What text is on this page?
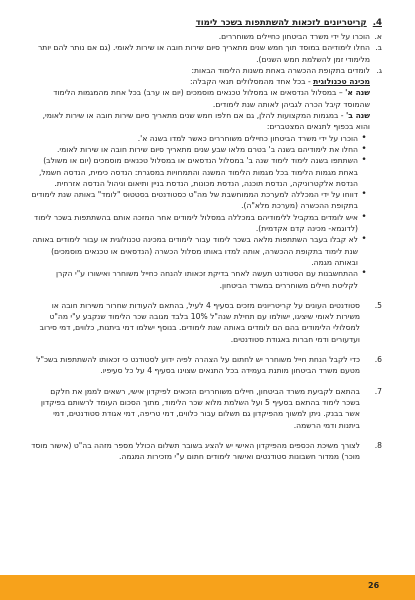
4.
קריטריונים לזכאות להשתתפות בשכר לימוד
א.
הוכרו על ידי משרד הביטחון כחיילים משוחררים.
ב.
החלו לימודיהם במוסד תוך חמש שנים מתאריך סיום שירות חובה או שירות לאומי. (גם אם נותר להם יותר מלימודי זמן להשלמת חמש השנים).
ג.
לומדים בתקופת ההכשרה באחת משנות הלימוד הבאות:

מכינה טכנולוגית - בכל אחד מהמסלולים תנאי הקבלה:

שנה א' – במסלול הנדסאים או במסלול טכנאים מוסמכים (יום או ערב) בכל אחת מהמגמות הלימוד שהמוסד קיבל הכרה לגביהן לאותה שנת לימודים.

שנה ב' - במגמות המקצועות להלן, גם אם חלפו חמש שנים מתאריך סיום שירות חובה או שירות לאומי, והוא בכפוף לתנאים המצטברים:

•
הוכרו על ידי משרד הביטחון כחיילים משוחררים כאשר למדו בשנה א'.
•
החלו את לימודיהם בשנה ב' בטרם מלאו שבע שנים מתאריך סיום שירות חובה או שירות לאומי.
•
השתתפו בשנה לימוד לימוד שנה ב' במסלול הנדסאים או במסלול טכנאים מוסמכים (יום או משולב) באחת מגמות הלימוד בכל מגמות הלימוד המשנה והתמחויות במסגרת: הנדסה כימית, הנדסה חשמל, הנדסת אלקטרוניקה, הנדסת תוכנה, הנדסת מכונות, הנדסת בניין ותיאום וניהול הנדסה אזרחית.
•
דווחו על ידי המכללה למערכת הממוחשבת של מה"ט כסטודנטים בסטטוס "לומד" באותה שנת לימודים בתקופת ההכשרה (מערכת מלא"ה).
•
איש לומדים במקביל ללימודיהם במכללה במסלול לימודים אחר המזכה אותם בהשתתפות בשכר לימוד (לדוגמא- מכינה קדם אקדמית).
•
לא קבלו בעבר השתתפות מלאה בשכר לימוד עבור לימודים במכינה טכנולוגית או עבור לימודים באותה שנת לימוד בתקופת ההכשרה, אותה למדו באותו מסלול הכשרה (הנדסאים או טכנאים מוסמכים) ובאותה מגמה.
•
ההתחשבנות עם הסטודנט תעשה לאחר בדיקת זכאותו להנחה כחייל משוחרר ואישורו ע"י הקרן לקליטת חיילים משוחררים במשרד הביטחון.
5.
סטודנטים העונים על קריטריונים מזכים בסעיף 4 לעיל, בהתאם להעודות שחרור משירות חובה או משירות לאומי שיציגו, ישולמו עם תחילת שנה"ל 10% בלבד מגובה שכר הלימוד שנקבע ע"י מה"ט למסלולי הלימודים בהם הם לומדים באותה שנת לימודים. בנוסף ישלמו דמי ביתנות, כלווים, דמי סירוב ועדעורים ודמי חברות באגודת סטודנטים.
6.
כדי לקבל הנחת חייל משוחרר יש לחתום על הצהרה לפיה ידוע לסטודנט כי זכאותו להשתתפות בשכ"ל מטעם משרד הביטחון מותנת בעמידה בכל התנאים שצוינו בסעיף 4 על כל סעיפיו.
7.
בהתאם לקביעת משרד הביטחון, חיילים משוחררים הזכאים לפיקדון אישי, רשאים לממן את חלקם בשכר לימוד בהתאם בסעיף 5 ועל השלמת מלוא שכר הלימוד, מתוך הסכום העומד לרשותם בפיקדון אשר בבנק. ניתן למשוך מהפיקדון גם תשלום עבור כלווים, דמי טריפה, דמי אגודת סטודנטים, דמי ביתנות ודמי הרשמה.
8.
לצורך משיכת הכספים מהפיקדון האישי יש להציג בשובר תשלום הכולל מספר מזהה בה"ט (אישור מוסד מוכר) ממדור חשבונות סטודנטים ואישור לימודים חתום ע"י מזכירות המגמה.
26
